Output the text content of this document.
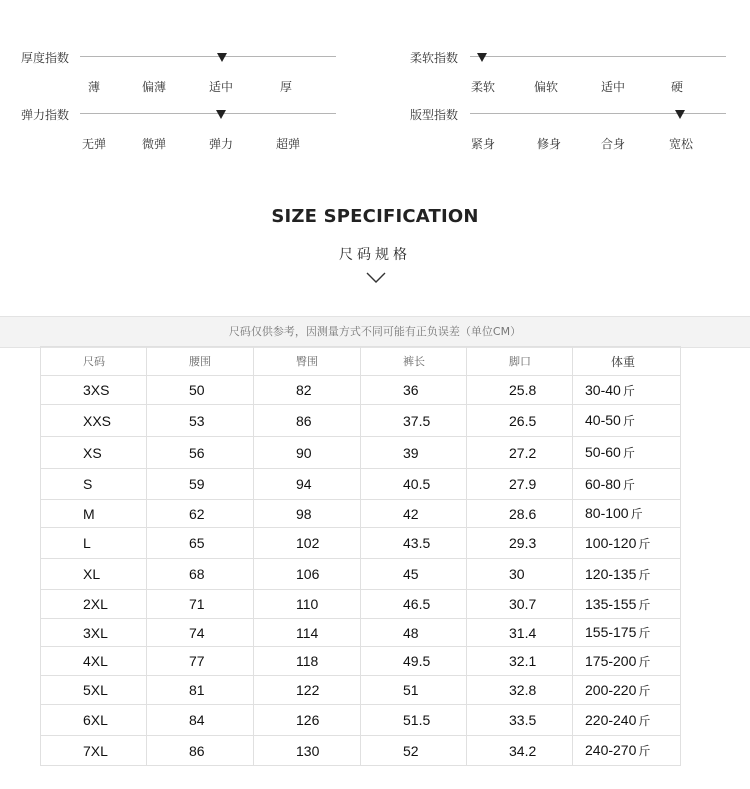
厚度指数
薄	偏薄	适中	厚
弹力指数
无弹	微弹	弹力	超弹
柔软指数
柔软	偏软	适中	硬
版型指数
紧身	修身	合身	宽松
SIZE SPECIFICATION
尺码规格
尺码仅供参考，因测量方式不同可能有正负误差（单位CM）
尺码	腰围	臀围	裤长	脚口	体重
3XS	50	82	36	25.8	30-40 斤
XXS	53	86	37.5	26.5	40-50 斤
XS	56	90	39	27.2	50-60 斤
S	59	94	40.5	27.9	60-80 斤
M	62	98	42	28.6	80-100 斤
L	65	102	43.5	29.3	100-120 斤
XL	68	106	45	30	120-135 斤
2XL	71	110	46.5	30.7	135-155 斤
3XL	74	114	48	31.4	155-175 斤
4XL	77	118	49.5	32.1	175-200 斤
5XL	81	122	51	32.8	200-220 斤
6XL	84	126	51.5	33.5	220-240 斤
7XL	86	130	52	34.2	240-270 斤
